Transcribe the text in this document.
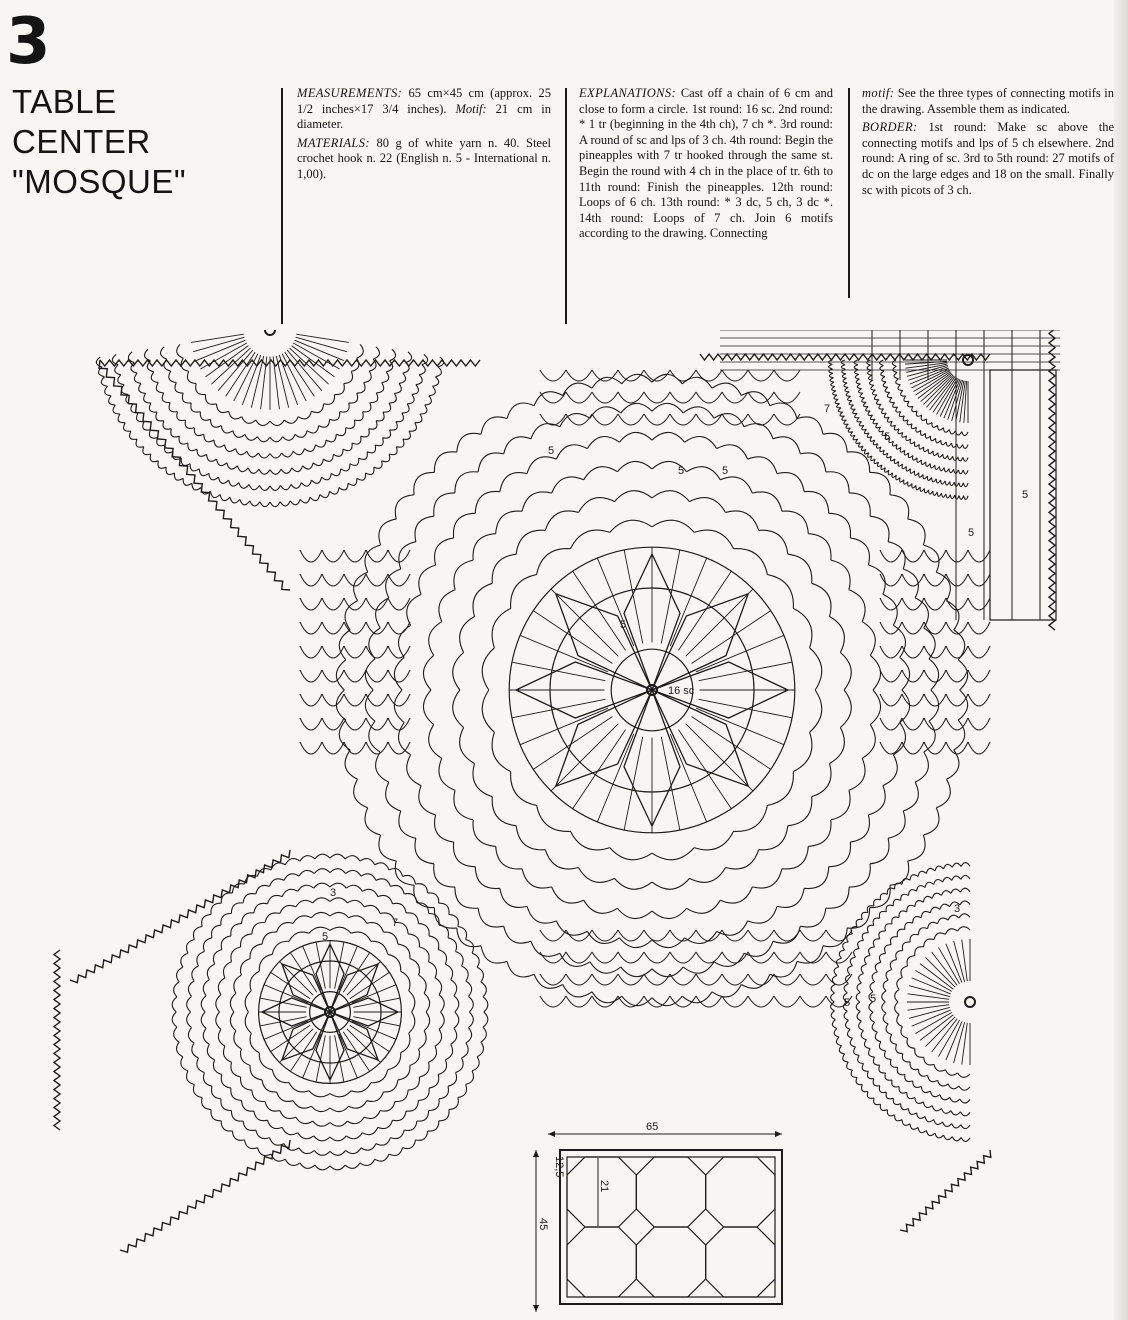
3
TABLE
CENTER
"MOSQUE"

MEASUREMENTS: 65 cm×45 cm (approx. 25 1/2 inches×17 3/4 inches). Motif: 21 cm in diameter.

MATERIALS: 80 g of white yarn n. 40. Steel crochet hook n. 22 (English n. 5 - International n. 1,00).

EXPLANATIONS: Cast off a chain of 6 cm and close to form a circle. 1st round: 16 sc. 2nd round: * 1 tr (beginning in the 4th ch), 7 ch *. 3rd round: A round of sc and lps of 3 ch. 4th round: Begin the pineapples with 7 tr hooked through the same st. Begin the round with 4 ch in the place of tr. 6th to 11th round: Finish the pineapples. 12th round: Loops of 6 ch. 13th round: * 3 dc, 5 ch, 3 dc *. 14th round: Loops of 7 ch. Join 6 motifs according to the drawing. Connecting

motif: See the three types of connecting motifs in the drawing. Assemble them as indicated.

BORDER: 1st round: Make sc above the connecting motifs and lps of 5 ch elsewhere. 2nd round: A ring of sc. 3rd to 5th round: 27 motifs of dc on the large edges and 18 on the small. Finally sc with picots of 3 ch.

16 sc
5
5
5	5
5
5
5
5
5 5
3
3
7
7
65
45
12,5
21
